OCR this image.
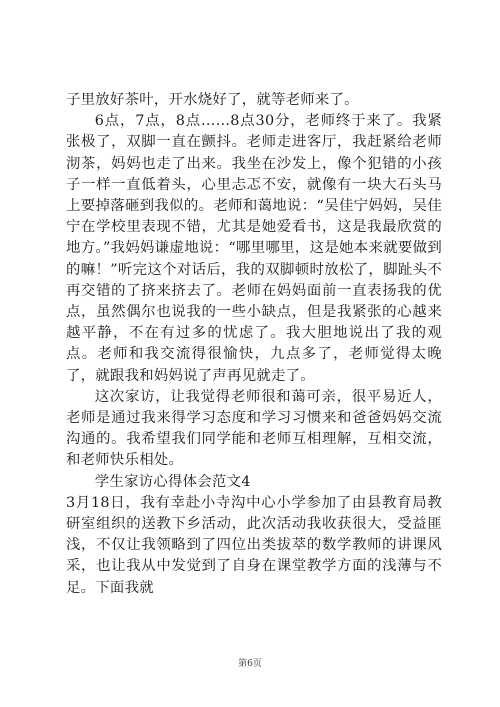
子里放好茶叶，开水烧好了，就等老师来了。

6点，7点，8点……8点30分，老师终于来了。我紧张极了，双脚一直在颤抖。老师走进客厅，我赶紧给老师沏茶，妈妈也走了出来。我坐在沙发上，像个犯错的小孩子一样一直低着头，心里忐忑不安，就像有一块大石头马上要掉落砸到我似的。老师和蔼地说：“吴佳宁妈妈，吴佳宁在学校里表现不错，尤其是她爱看书，这是我最欣赏的地方。”我妈妈谦虚地说：“哪里哪里，这是她本来就要做到的嘛！”听完这个对话后，我的双脚顿时放松了，脚趾头不再交错的了挤来挤去了。老师在妈妈面前一直表扬我的优点，虽然偶尔也说我的一些小缺点，但是我紧张的心越来越平静，不在有过多的忧虑了。我大胆地说出了我的观点。老师和我交流得很愉快，九点多了，老师觉得太晚了，就跟我和妈妈说了声再见就走了。

这次家访，让我觉得老师很和蔼可亲，很平易近人，老师是通过我来得学习态度和学习习惯来和爸爸妈妈交流沟通的。我希望我们同学能和老师互相理解，互相交流，和老师快乐相处。

学生家访心得体会范文4

3月18日，我有幸赴小寺沟中心小学参加了由县教育局教研室组织的送教下乡活动，此次活动我收获很大，受益匪浅，不仅让我领略到了四位出类拔萃的数学教师的讲课风采，也让我从中发觉到了自身在课堂教学方面的浅薄与不足。下面我就

第6页
